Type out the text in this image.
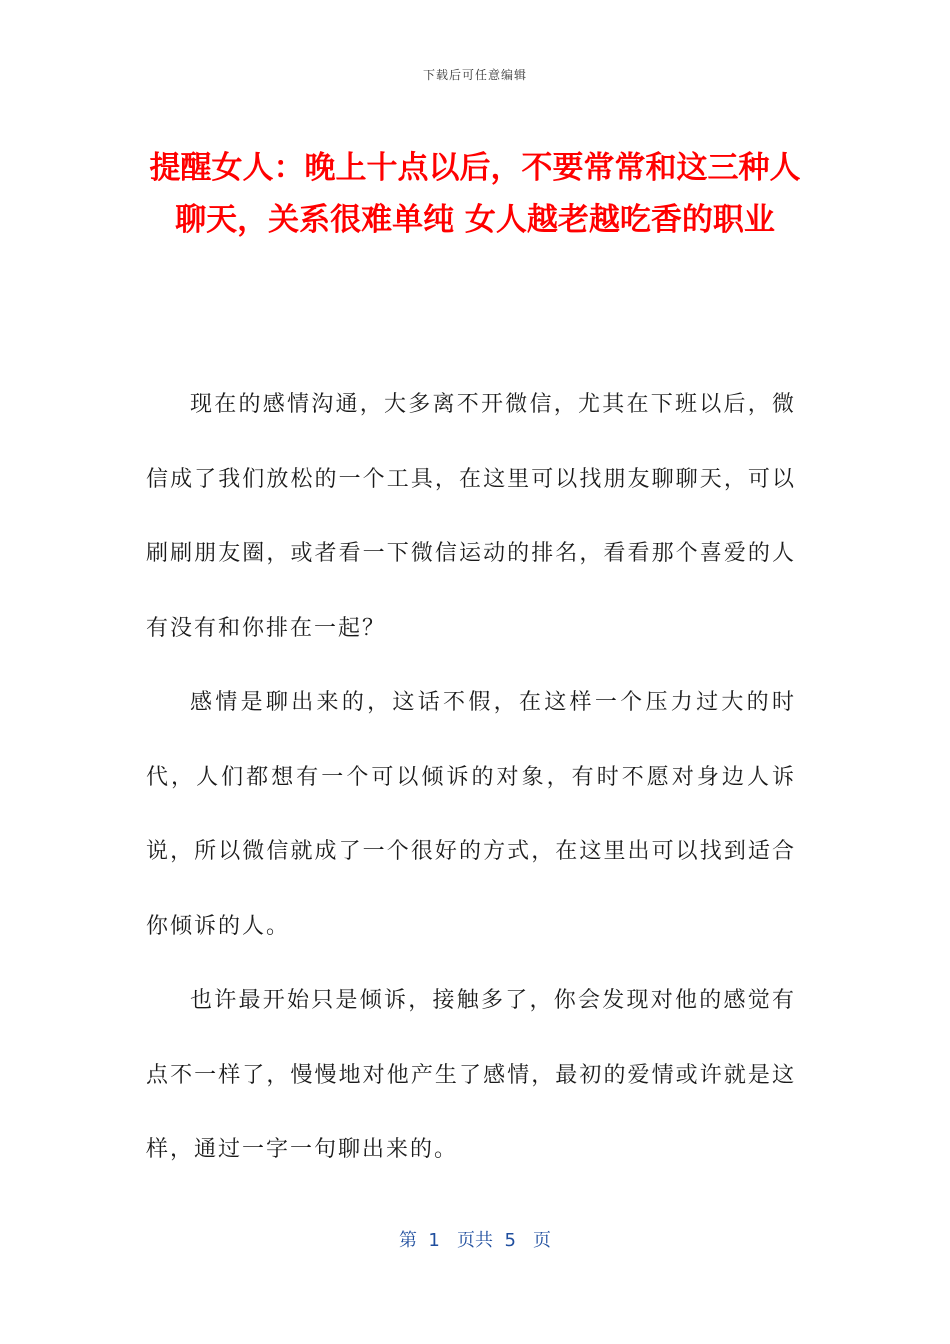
下载后可任意编辑
提醒女人：晚上十点以后，不要常常和这三种人聊天，关系很难单纯 女人越老越吃香的职业

现在的感情沟通，大多离不开微信，尤其在下班以后，微信成了我们放松的一个工具，在这里可以找朋友聊聊天，可以刷刷朋友圈，或者看一下微信运动的排名，看看那个喜爱的人有没有和你排在一起？

感情是聊出来的，这话不假，在这样一个压力过大的时代，人们都想有一个可以倾诉的对象，有时不愿对身边人诉说，所以微信就成了一个很好的方式，在这里出可以找到适合你倾诉的人。

也许最开始只是倾诉，接触多了，你会发现对他的感觉有点不一样了，慢慢地对他产生了感情，最初的爱情或许就是这样，通过一字一句聊出来的。

第  1   页共  5   页
